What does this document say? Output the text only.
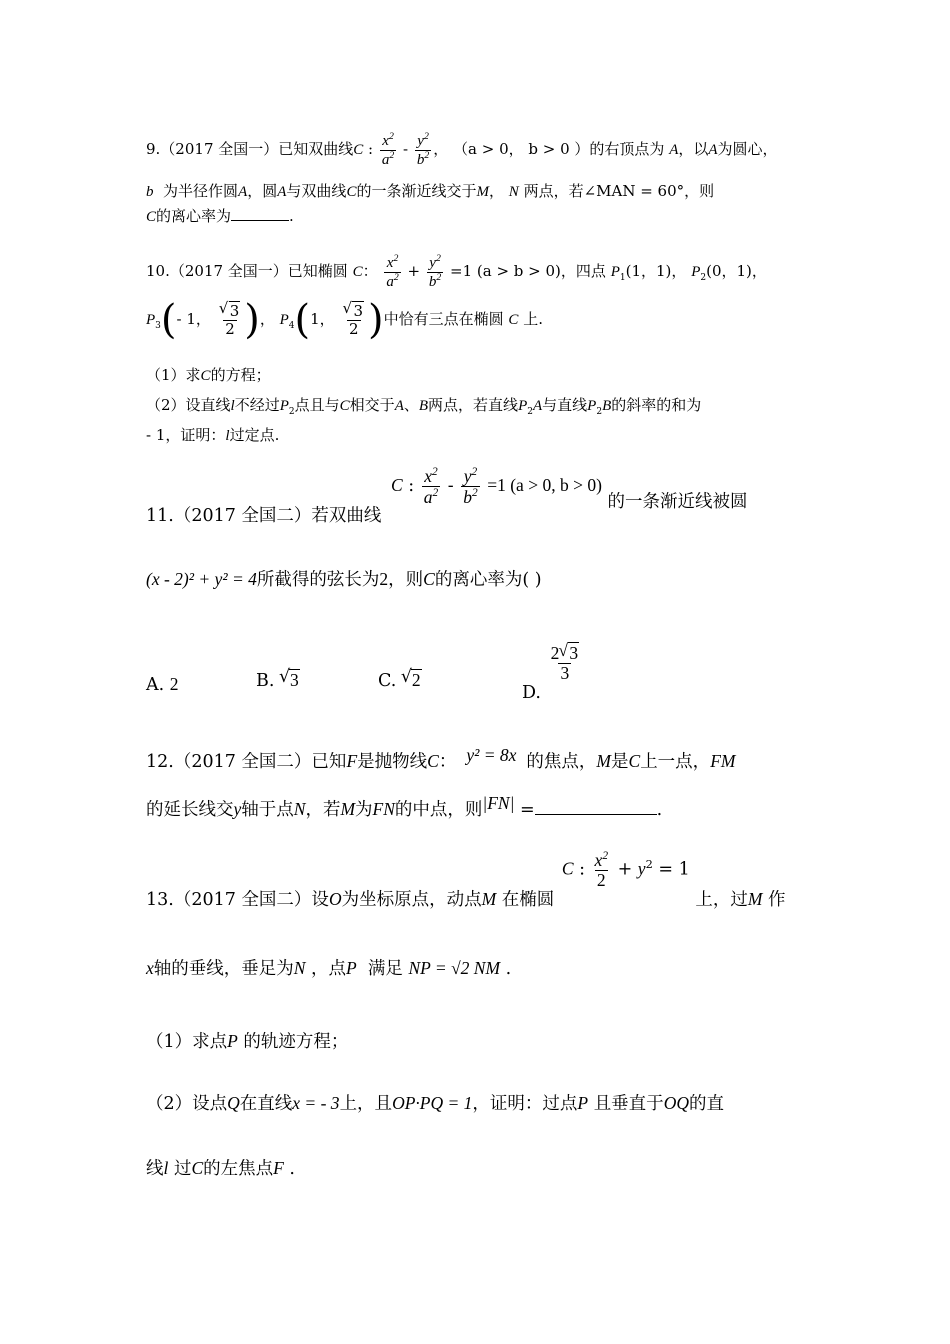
9.（2017 全国一）已知双曲线C : $\frac{x^2}{a^2} - \frac{y^2}{b^2}$ ， （a > 0， b > 0 ）的右顶点为 A，以A为圆心，
b 为半径作圆A，圆A与双曲线C的一条渐近线交于M， N 两点，若∠MAN = 60°，则
C的离心率为	.
10.（2017 全国一）已知椭圆 C： $\frac{x^2}{a^2} + \frac{y^2}{b^2} =1$ (a > b > 0)，四点 $P_1(1$，1)， $P_2(0$，1)，
$P_3(-$ 1， √ $\frac{3}{2}$ )， $P_4(1$， √ $\frac{3}{2}$ )中恰有三点在椭圆 C 上.
（1）求C的方程；
（2）设直线l不经过$P_2$点且与C相交于A、B两点，若直线$P_2A$与直线$P_2B$的斜率的和为
- 1，证明：l过定点.
11.（2017 全国二）若双曲线 C : $\frac{x^2}{a^2} - \frac{y^2}{b^2} =1$ (a > 0, b > 0) 的一条渐近线被圆
(x - 2)² + y² = 4所截得的弦长为2，则C的离心率为( )
A. 2	B. √ 3	C. √ 2
D.
$\frac{2 √ 3}{3}$
12.（2017 全国二）已知F是抛物线C： y² = 8x 的焦点，M是C上一点，FM
的延长线交y轴于点N，若M为FN的中点，则|FN| =	.
13.（2017 全国二）设O为坐标原点，动点M 在椭圆 C : $\frac{x^2}{2} + y^2 = 1$ 上，过M 作
x轴的垂线，垂足为N ，点P 满足 NP = √2 NM .
（1）求点P 的轨迹方程；
（2）设点Q在直线x = - 3上，且OP·PQ = 1，证明：过点P 且垂直于OQ的直
线l 过C的左焦点F .
